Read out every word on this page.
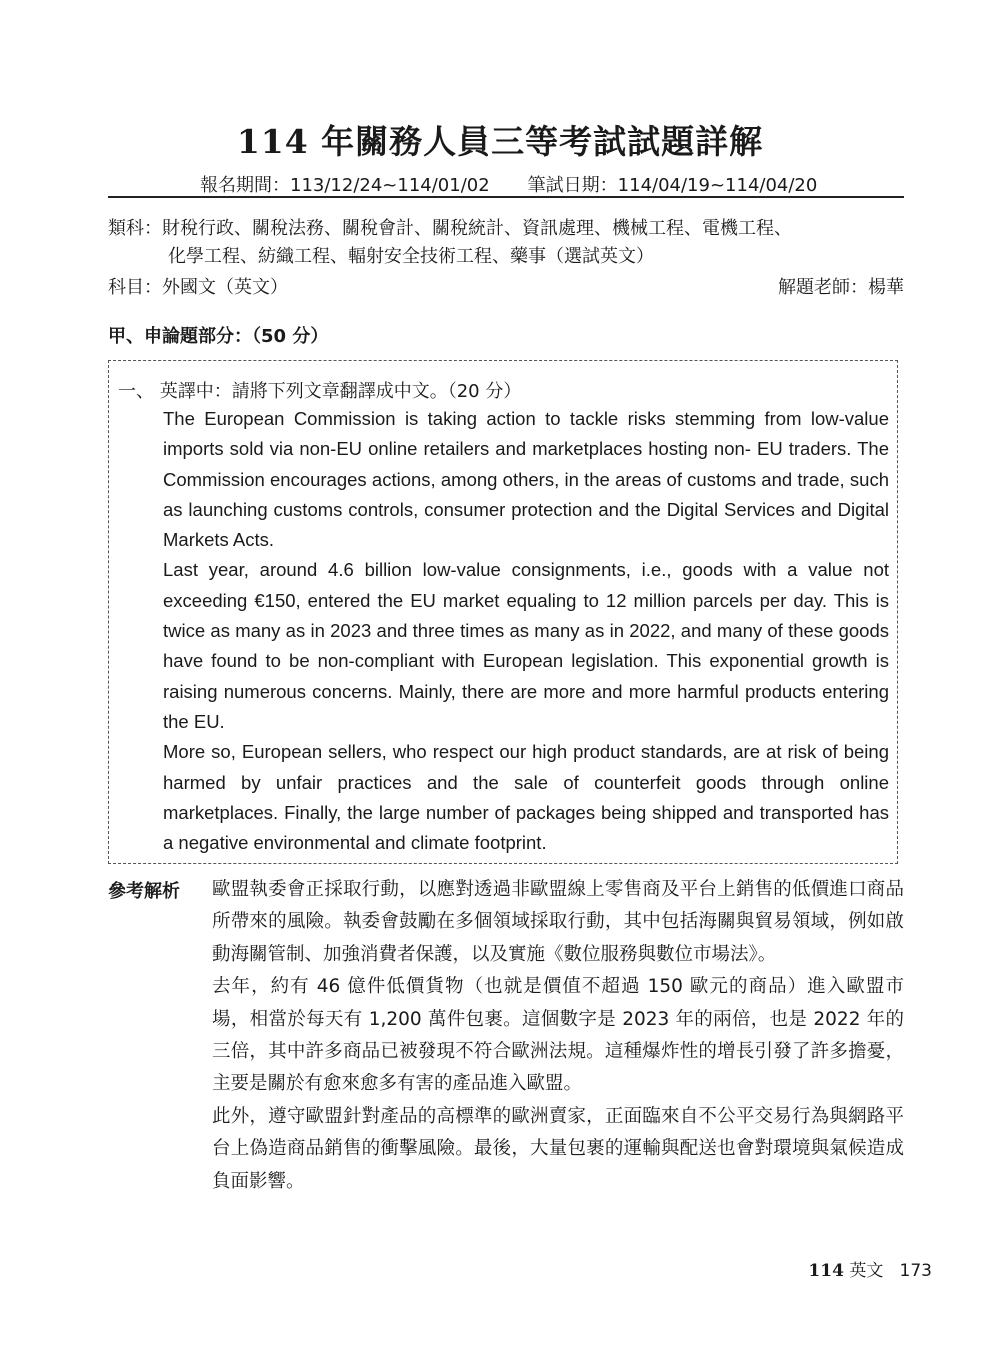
114 年關務人員三等考試試題詳解
報名期間：113/12/24~114/01/02 筆試日期：114/04/19~114/04/20
類科：財稅行政、關稅法務、關稅會計、關稅統計、資訊處理、機械工程、電機工程、
化學工程、紡織工程、輻射安全技術工程、藥事（選試英文）
科目：外國文（英文）	解題老師：楊華
甲、申論題部分：（50 分）
一、 英譯中：請將下列文章翻譯成中文。（20 分）

The European Commission is taking action to tackle risks stemming from low-value imports sold via non-EU online retailers and marketplaces hosting non- EU traders. The Commission encourages actions, among others, in the areas of customs and trade, such as launching customs controls, consumer protection and the Digital Services and Digital Markets Acts.

Last year, around 4.6 billion low-value consignments, i.e., goods with a value not exceeding €150, entered the EU market equaling to 12 million parcels per day. This is twice as many as in 2023 and three times as many as in 2022, and many of these goods have found to be non-compliant with European legislation. This exponential growth is raising numerous concerns. Mainly, there are more and more harmful products entering the EU.

More so, European sellers, who respect our high product standards, are at risk of being harmed by unfair practices and the sale of counterfeit goods through online marketplaces. Finally, the large number of packages being shipped and transported has a negative environmental and climate footprint.

參考解析 歐盟執委會正採取行動，以應對透過非歐盟線上零售商及平台上銷售的低價進口商品所帶來的風險。執委會鼓勵在多個領域採取行動，其中包括海關與貿易領域，例如啟動海關管制、加強消費者保護，以及實施《數位服務與數位市場法》。

去年，約有 46 億件低價貨物（也就是價值不超過 150 歐元的商品）進入歐盟市場，相當於每天有 1,200 萬件包裹。這個數字是 2023 年的兩倍，也是 2022 年的三倍，其中許多商品已被發現不符合歐洲法規。這種爆炸性的增長引發了許多擔憂，主要是關於有愈來愈多有害的產品進入歐盟。

此外，遵守歐盟針對產品的高標準的歐洲賣家，正面臨來自不公平交易行為與網路平台上偽造商品銷售的衝擊風險。最後，大量包裹的運輸與配送也會對環境與氣候造成負面影響。

114 英文 173
